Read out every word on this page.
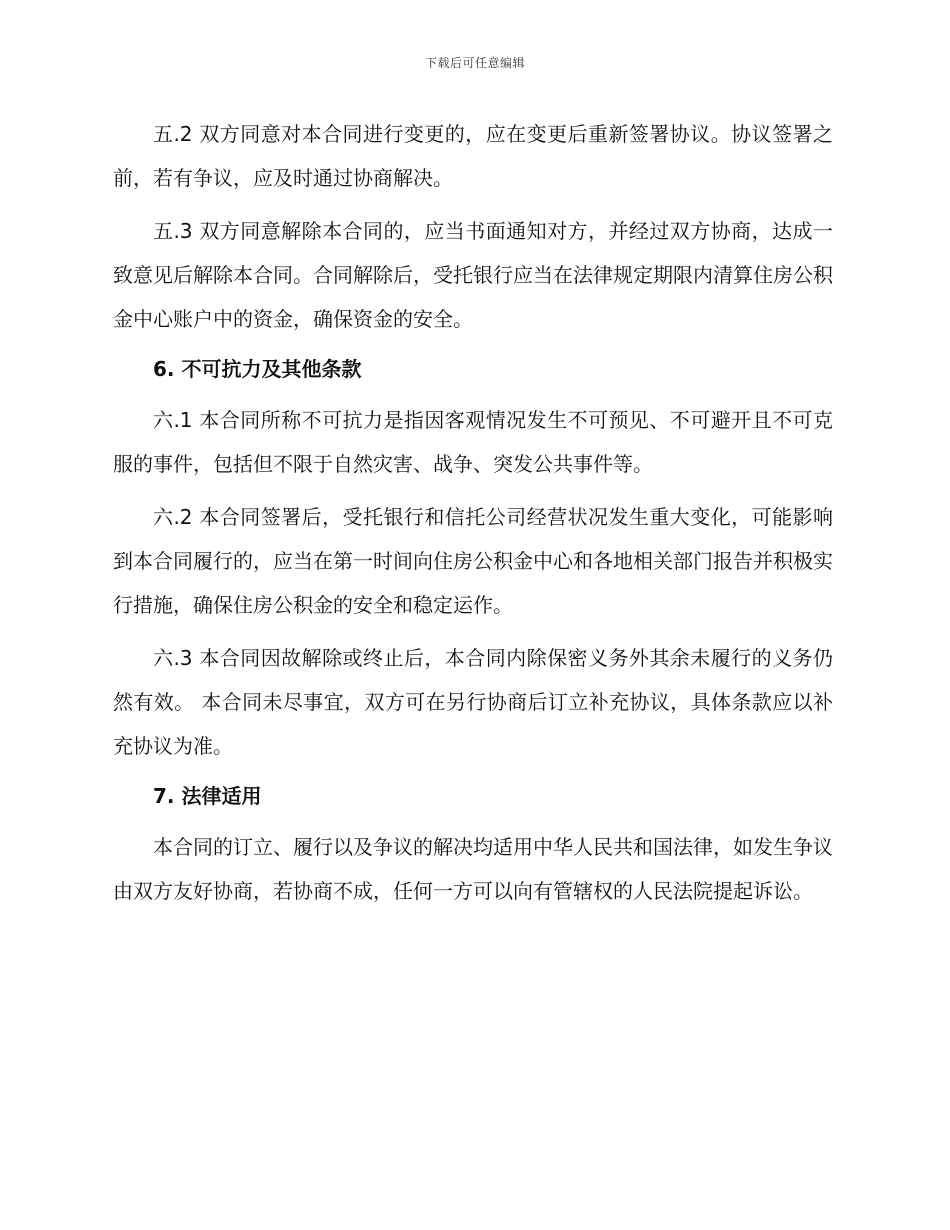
下载后可任意编辑

五.2 双方同意对本合同进行变更的，应在变更后重新签署协议。协议签署之前，若有争议，应及时通过协商解决。

五.3 双方同意解除本合同的，应当书面通知对方，并经过双方协商，达成一致意见后解除本合同。合同解除后，受托银行应当在法律规定期限内清算住房公积金中心账户中的资金，确保资金的安全。

6. 不可抗力及其他条款

六.1 本合同所称不可抗力是指因客观情况发生不可预见、不可避开且不可克服的事件，包括但不限于自然灾害、战争、突发公共事件等。

六.2 本合同签署后，受托银行和信托公司经营状况发生重大变化，可能影响到本合同履行的，应当在第一时间向住房公积金中心和各地相关部门报告并积极实行措施，确保住房公积金的安全和稳定运作。

六.3 本合同因故解除或终止后，本合同内除保密义务外其余未履行的义务仍然有效。 本合同未尽事宜，双方可在另行协商后订立补充协议，具体条款应以补充协议为准。

7. 法律适用

本合同的订立、履行以及争议的解决均适用中华人民共和国法律，如发生争议由双方友好协商，若协商不成，任何一方可以向有管辖权的人民法院提起诉讼。
